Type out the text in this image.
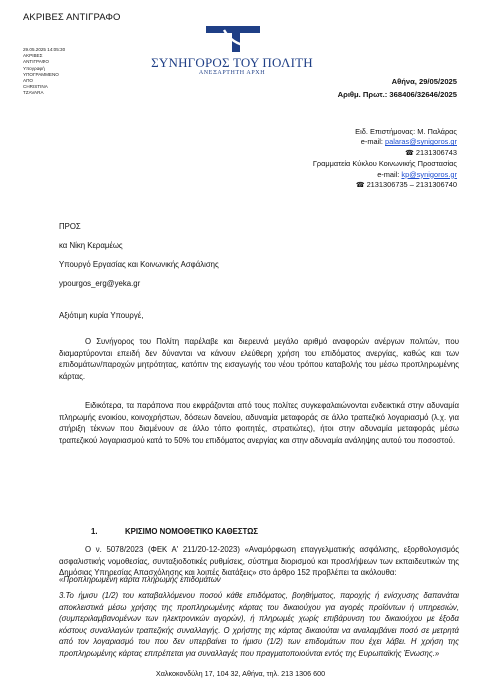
ΑΚΡΙΒΕΣ ΑΝΤΙΓΡΑΦΟ
29.05.2025 14:05:30
ΑΚΡΙΒΕΣ
ΑΝΤΙΓΡΑΦΟ
Υπογραφή
ΥΠΟΓΡΑΜΜΕΝΟ
ΑΠΟ
CHRISTINA
TZAVARA
ΣΥΝΗΓΟΡΟΣ ΤΟΥ ΠΟΛΙΤΗ
ΑΝΕΞΑΡΤΗΤΗ ΑΡΧΗ
Αθήνα, 29/05/2025
Αριθμ. Πρωτ.: 368406/32646/2025
Ειδ. Επιστήμονας: Μ. Παλάρας
e-mail: palaras@synigoros.gr
☎ 2131306743
Γραμματεία Κύκλου Κοινωνικής Προστασίας
e-mail: kp@synigoros.gr
☎ 2131306735 – 2131306740
ΠΡΟΣ
κα Νίκη Κεραμέως
Υπουργό Εργασίας και Κοινωνικής Ασφάλισης
ypourgos_erg@yeka.gr
Αξιότιμη κυρία Υπουργέ,

Ο Συνήγορος του Πολίτη παρέλαβε και διερευνά μεγάλο αριθμό αναφορών ανέργων πολιτών, που διαμαρτύρονται επειδή δεν δύνανται να κάνουν ελεύθερη χρήση του επιδόματος ανεργίας, καθώς και των επιδομάτων/παροχών μητρότητας, κατόπιν της εισαγωγής του νέου τρόπου καταβολής του μέσω προπληρωμένης κάρτας.

Ειδικότερα, τα παράπονα που εκφράζονται από τους πολίτες συγκεφαλαιώνονται ενδεικτικά στην αδυναμία πληρωμής ενοικίου, κοινοχρήστων, δόσεων δανείου, αδυναμία μεταφοράς σε άλλο τραπεζικό λογαριασμό (λ.χ. για στήριξη τέκνων που διαμένουν σε άλλο τόπο φοιτητές, στρατιώτες), ήτοι στην αδυναμία μεταφοράς μέσω τραπεζικού λογαριασμού κατά το 50% του επιδόματος ανεργίας και στην αδυναμία ανάληψης αυτού του ποσοστού.

1.	ΚΡΙΣΙΜΟ ΝΟΜΟΘΕΤΙΚΟ ΚΑΘΕΣΤΩΣ

Ο ν. 5078/2023 (ΦΕΚ Α' 211/20-12-2023) «Αναμόρφωση επαγγελματικής ασφάλισης, εξορθολογισμός ασφαλιστικής νομοθεσίας, συνταξιοδοτικές ρυθμίσεις, σύστημα διορισμού και προσλήψεων των εκπαιδευτικών της Δημόσιας Υπηρεσίας Απασχόλησης και λοιπές διατάξεις» στο άρθρο 152 προβλέπει τα ακόλουθα:

«Προπληρωμένη κάρτα πληρωμής επιδομάτων

3.Το ήμισυ (1/2) του καταβαλλόμενου ποσού κάθε επιδόματος, βοηθήματος, παροχής ή ενίσχυσης δαπανάται αποκλειστικά μέσω χρήσης της προπληρωμένης κάρτας του δικαιούχου για αγορές προϊόντων ή υπηρεσιών, (συμπεριλαμβανομένων των ηλεκτρονικών αγορών), ή πληρωμές χωρίς επιβάρυνση του δικαιούχου με έξοδα κόστους συναλλαγών τραπεζικής συναλλαγής. Ο χρήστης της κάρτας δικαιούται να αναλαμβάνει ποσό σε μετρητά από τον λογαριασμό του που δεν υπερβαίνει το ήμισυ (1/2) των επιδομάτων που έχει λάβει. Η χρήση της προπληρωμένης κάρτας επιτρέπεται για συναλλαγές που πραγματοποιούνται εντός της Ευρωπαϊκής Ένωσης.»

Χαλκοκονδύλη 17, 104 32, Αθήνα, τηλ. 213 1306 600
